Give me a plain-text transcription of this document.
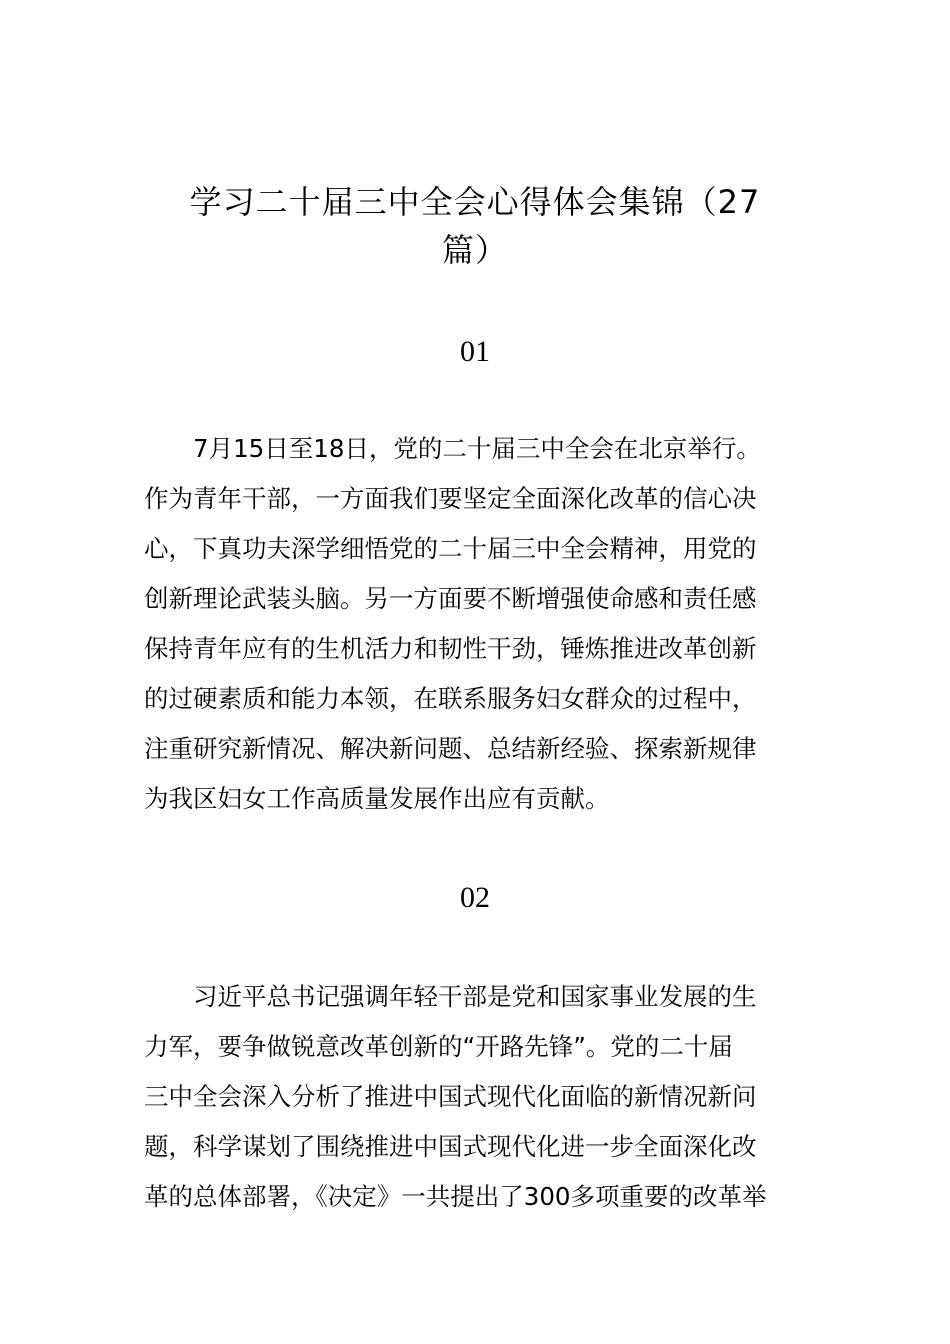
学习二十届三中全会心得体会集锦（27
篇）
01
　　7月15日至18日，党的二十届三中全会在北京举行。
作为青年干部，一方面我们要坚定全面深化改革的信心决
心，下真功夫深学细悟党的二十届三中全会精神，用党的
创新理论武装头脑。另一方面要不断增强使命感和责任感
保持青年应有的生机活力和韧性干劲，锤炼推进改革创新
的过硬素质和能力本领，在联系服务妇女群众的过程中，
注重研究新情况、解决新问题、总结新经验、探索新规律
为我区妇女工作高质量发展作出应有贡献。
02
　　习近平总书记强调年轻干部是党和国家事业发展的生
力军，要争做锐意改革创新的“开路先锋”。党的二十届
三中全会深入分析了推进中国式现代化面临的新情况新问
题，科学谋划了围绕推进中国式现代化进一步全面深化改
革的总体部署，《决定》一共提出了300多项重要的改革举
